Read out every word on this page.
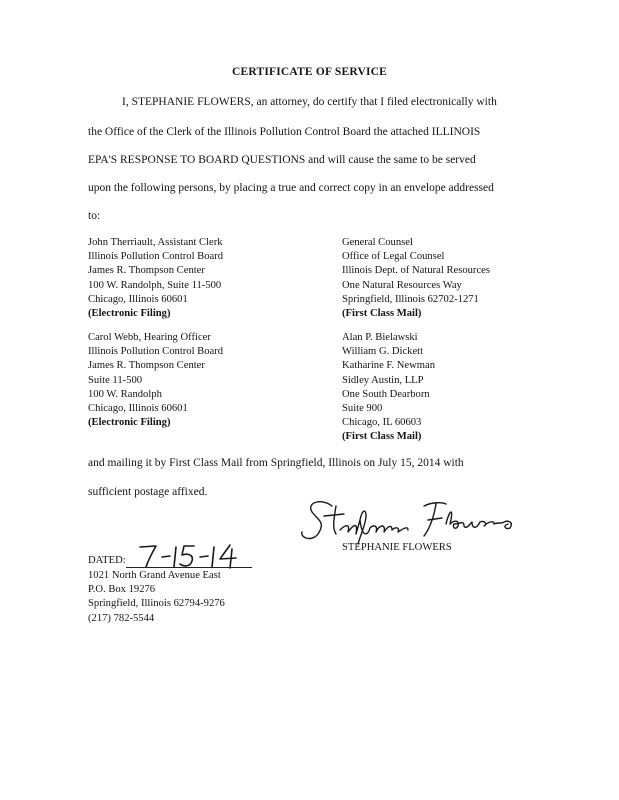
CERTIFICATE OF SERVICE
I, STEPHANIE FLOWERS, an attorney, do certify that I filed electronically with
the Office of the Clerk of the Illinois Pollution Control Board the attached ILLINOIS
EPA'S RESPONSE TO BOARD QUESTIONS and will cause the same to be served
upon the following persons, by placing a true and correct copy in an envelope addressed
to:
John Therriault, Assistant Clerk
Illinois Pollution Control Board
James R. Thompson Center
100 W. Randolph, Suite 11-500
Chicago, Illinois 60601
(Electronic Filing)
General Counsel
Office of Legal Counsel
Illinois Dept. of Natural Resources
One Natural Resources Way
Springfield, Illinois 62702-1271
(First Class Mail)
Carol Webb, Hearing Officer
Illinois Pollution Control Board
James R. Thompson Center
Suite 11-500
100 W. Randolph
Chicago, Illinois 60601
(Electronic Filing)
Alan P. Bielawski
William G. Dickett
Katharine F. Newman
Sidley Austin, LLP
One South Dearborn
Suite 900
Chicago, IL 60603
(First Class Mail)
and mailing it by First Class Mail from Springfield, Illinois on July 15, 2014 with
sufficient postage affixed.
STEPHANIE FLOWERS
DATED:
1021 North Grand Avenue East
P.O. Box 19276
Springfield, Illinois 62794-9276
(217) 782-5544
